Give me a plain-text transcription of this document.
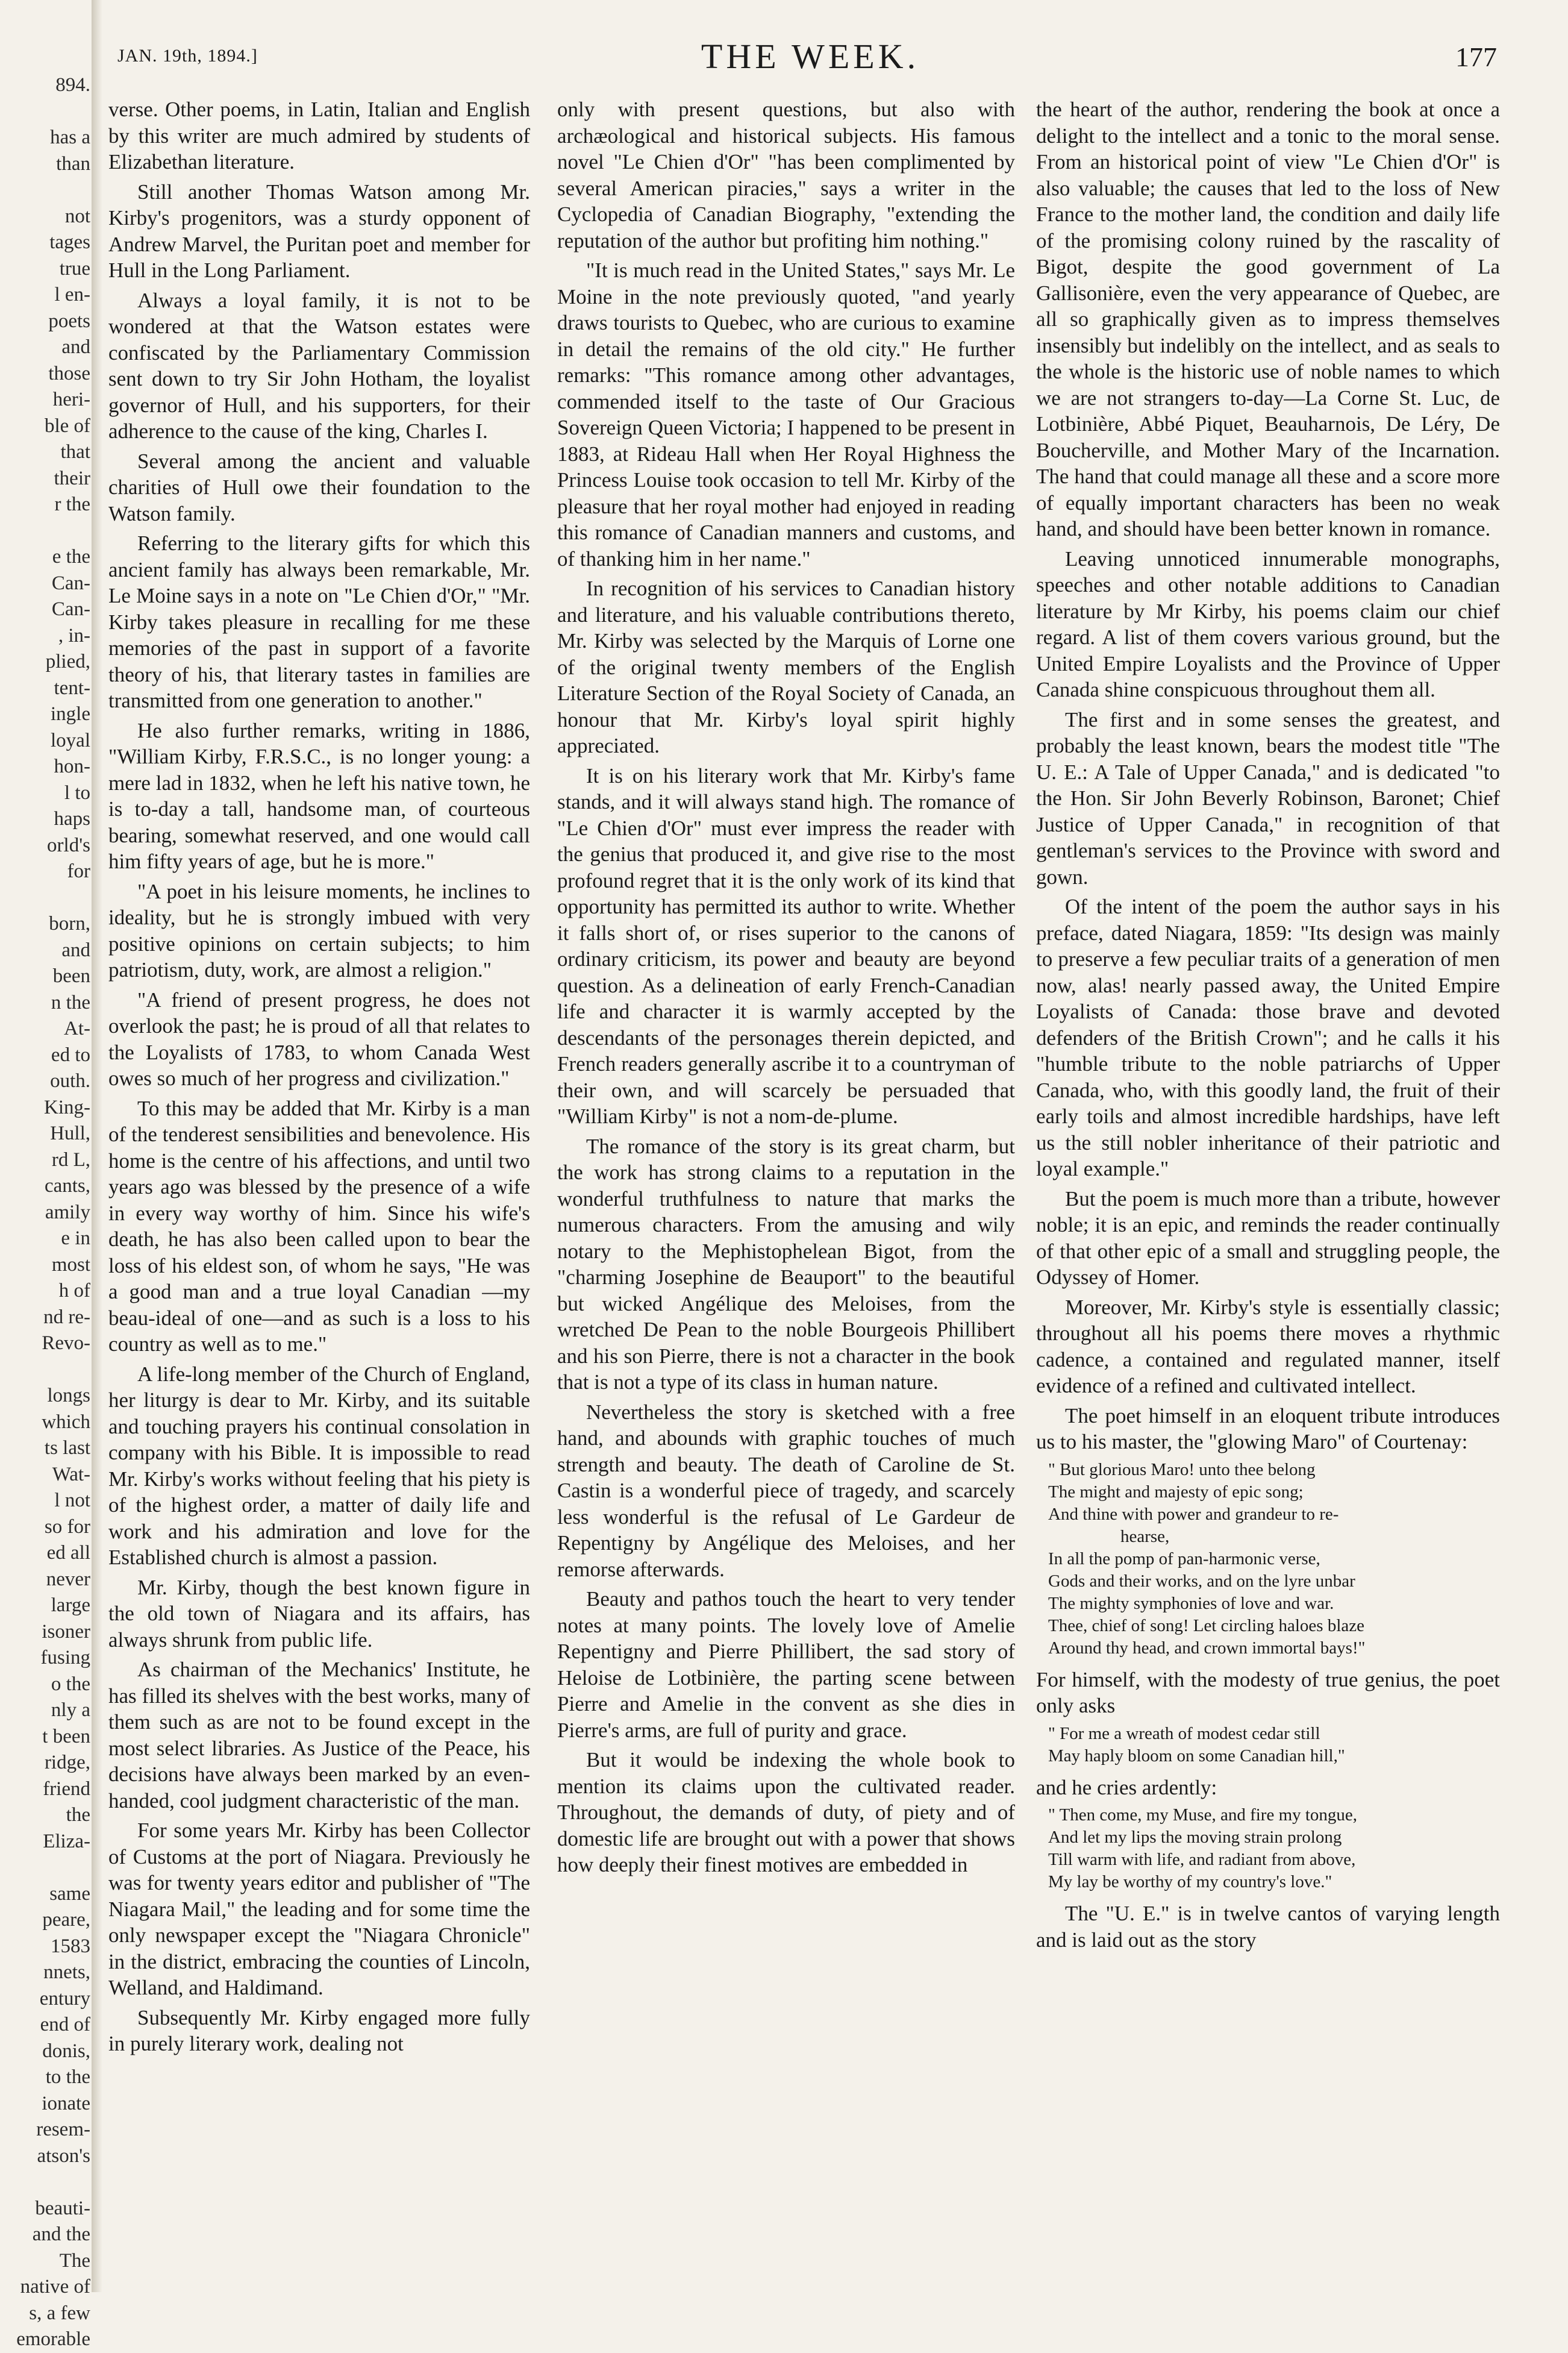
894.
has a
than
not
tages
true
l en-
poets
and
those
heri-
ble of
that
their
r the
e the
Can-
Can-
, in-
plied,
tent-
ingle
loyal
hon-
l to
haps
orld's
for
born,
and
been
n the
At-
ed to
outh.
King-
Hull,
rd L,
cants,
amily
e in
most
h of
nd re-
Revo-
longs
which
ts last
Wat-
l not
so for
ed all
never
large
isoner
fusing
o the
nly a
t been
ridge,
friend
the
Eliza-
same
peare,
1583
nnets,
entury
end of
donis,
to the
ionate
resem-
atson's
beauti-
and the
The
native of
s, a few
emorable
JAN. 19th, 1894.]	THE WEEK.	177

verse. Other poems, in Latin, Italian and English by this writer are much admired by students of Elizabethan literature.

Still another Thomas Watson among Mr. Kirby's progenitors, was a sturdy opponent of Andrew Marvel, the Puritan poet and member for Hull in the Long Parliament.

Always a loyal family, it is not to be wondered at that the Watson estates were confiscated by the Parliamentary Commission sent down to try Sir John Hotham, the loyalist governor of Hull, and his supporters, for their adherence to the cause of the king, Charles I.

Several among the ancient and valuable charities of Hull owe their foundation to the Watson family.

Referring to the literary gifts for which this ancient family has always been remarkable, Mr. Le Moine says in a note on "Le Chien d'Or," "Mr. Kirby takes pleasure in recalling for me these memories of the past in support of a favorite theory of his, that literary tastes in families are transmitted from one generation to another."

He also further remarks, writing in 1886, "William Kirby, F.R.S.C., is no longer young: a mere lad in 1832, when he left his native town, he is to-day a tall, handsome man, of courteous bearing, somewhat reserved, and one would call him fifty years of age, but he is more."

"A poet in his leisure moments, he inclines to ideality, but he is strongly imbued with very positive opinions on certain subjects; to him patriotism, duty, work, are almost a religion."

"A friend of present progress, he does not overlook the past; he is proud of all that relates to the Loyalists of 1783, to whom Canada West owes so much of her progress and civilization."

To this may be added that Mr. Kirby is a man of the tenderest sensibilities and benevolence. His home is the centre of his affections, and until two years ago was blessed by the presence of a wife in every way worthy of him. Since his wife's death, he has also been called upon to bear the loss of his eldest son, of whom he says, "He was a good man and a true loyal Canadian —my beau-ideal of one—and as such is a loss to his country as well as to me."

A life-long member of the Church of England, her liturgy is dear to Mr. Kirby, and its suitable and touching prayers his continual consolation in company with his Bible. It is impossible to read Mr. Kirby's works without feeling that his piety is of the highest order, a matter of daily life and work and his admiration and love for the Established church is almost a passion.

Mr. Kirby, though the best known figure in the old town of Niagara and its affairs, has always shrunk from public life.

As chairman of the Mechanics' Institute, he has filled its shelves with the best works, many of them such as are not to be found except in the most select libraries. As Justice of the Peace, his decisions have always been marked by an even-handed, cool judgment characteristic of the man.

For some years Mr. Kirby has been Collector of Customs at the port of Niagara. Previously he was for twenty years editor and publisher of "The Niagara Mail," the leading and for some time the only newspaper except the "Niagara Chronicle" in the district, embracing the counties of Lincoln, Welland, and Haldimand.

Subsequently Mr. Kirby engaged more fully in purely literary work, dealing not

only with present questions, but also with archæological and historical subjects. His famous novel "Le Chien d'Or" "has been complimented by several American piracies," says a writer in the Cyclopedia of Canadian Biography, "extending the reputation of the author but profiting him nothing."

"It is much read in the United States," says Mr. Le Moine in the note previously quoted, "and yearly draws tourists to Quebec, who are curious to examine in detail the remains of the old city." He further remarks: "This romance among other advantages, commended itself to the taste of Our Gracious Sovereign Queen Victoria; I happened to be present in 1883, at Rideau Hall when Her Royal Highness the Princess Louise took occasion to tell Mr. Kirby of the pleasure that her royal mother had enjoyed in reading this romance of Canadian manners and customs, and of thanking him in her name."

In recognition of his services to Canadian history and literature, and his valuable contributions thereto, Mr. Kirby was selected by the Marquis of Lorne one of the original twenty members of the English Literature Section of the Royal Society of Canada, an honour that Mr. Kirby's loyal spirit highly appreciated.

It is on his literary work that Mr. Kirby's fame stands, and it will always stand high. The romance of "Le Chien d'Or" must ever impress the reader with the genius that produced it, and give rise to the most profound regret that it is the only work of its kind that opportunity has permitted its author to write. Whether it falls short of, or rises superior to the canons of ordinary criticism, its power and beauty are beyond question. As a delineation of early French-Canadian life and character it is warmly accepted by the descendants of the personages therein depicted, and French readers generally ascribe it to a countryman of their own, and will scarcely be persuaded that "William Kirby" is not a nom-de-plume.

The romance of the story is its great charm, but the work has strong claims to a reputation in the wonderful truthfulness to nature that marks the numerous characters. From the amusing and wily notary to the Mephistophelean Bigot, from the "charming Josephine de Beauport" to the beautiful but wicked Angélique des Meloises, from the wretched De Pean to the noble Bourgeois Phillibert and his son Pierre, there is not a character in the book that is not a type of its class in human nature.

Nevertheless the story is sketched with a free hand, and abounds with graphic touches of much strength and beauty. The death of Caroline de St. Castin is a wonderful piece of tragedy, and scarcely less wonderful is the refusal of Le Gardeur de Repentigny by Angélique des Meloises, and her remorse afterwards.

Beauty and pathos touch the heart to very tender notes at many points. The lovely love of Amelie Repentigny and Pierre Phillibert, the sad story of Heloise de Lotbinière, the parting scene between Pierre and Amelie in the convent as she dies in Pierre's arms, are full of purity and grace.

But it would be indexing the whole book to mention its claims upon the cultivated reader. Throughout, the demands of duty, of piety and of domestic life are brought out with a power that shows how deeply their finest motives are embedded in

the heart of the author, rendering the book at once a delight to the intellect and a tonic to the moral sense. From an historical point of view "Le Chien d'Or" is also valuable; the causes that led to the loss of New France to the mother land, the condition and daily life of the promising colony ruined by the rascality of Bigot, despite the good government of La Gallisonière, even the very appearance of Quebec, are all so graphically given as to impress themselves insensibly but indelibly on the intellect, and as seals to the whole is the historic use of noble names to which we are not strangers to-day—La Corne St. Luc, de Lotbinière, Abbé Piquet, Beauharnois, De Léry, De Boucherville, and Mother Mary of the Incarnation. The hand that could manage all these and a score more of equally important characters has been no weak hand, and should have been better known in romance.

Leaving unnoticed innumerable monographs, speeches and other notable additions to Canadian literature by Mr Kirby, his poems claim our chief regard. A list of them covers various ground, but the United Empire Loyalists and the Province of Upper Canada shine conspicuous throughout them all.

The first and in some senses the greatest, and probably the least known, bears the modest title "The U. E.: A Tale of Upper Canada," and is dedicated "to the Hon. Sir John Beverly Robinson, Baronet; Chief Justice of Upper Canada," in recognition of that gentleman's services to the Province with sword and gown.

Of the intent of the poem the author says in his preface, dated Niagara, 1859: "Its design was mainly to preserve a few peculiar traits of a generation of men now, alas! nearly passed away, the United Empire Loyalists of Canada: those brave and devoted defenders of the British Crown"; and he calls it his "humble tribute to the noble patriarchs of Upper Canada, who, with this goodly land, the fruit of their early toils and almost incredible hardships, have left us the still nobler inheritance of their patriotic and loyal example."

But the poem is much more than a tribute, however noble; it is an epic, and reminds the reader continually of that other epic of a small and struggling people, the Odyssey of Homer.

Moreover, Mr. Kirby's style is essentially classic; throughout all his poems there moves a rhythmic cadence, a contained and regulated manner, itself evidence of a refined and cultivated intellect.

The poet himself in an eloquent tribute introduces us to his master, the "glowing Maro" of Courtenay:

" But glorious Maro! unto thee belong
The might and majesty of epic song;
And thine with power and grandeur to re-
hearse,
In all the pomp of pan-harmonic verse,
Gods and their works, and on the lyre unbar
The mighty symphonies of love and war.
Thee, chief of song! Let circling haloes blaze
Around thy head, and crown immortal bays!"

For himself, with the modesty of true genius, the poet only asks

" For me a wreath of modest cedar still
May haply bloom on some Canadian hill,"

and he cries ardently:

" Then come, my Muse, and fire my tongue,
And let my lips the moving strain prolong
Till warm with life, and radiant from above,
My lay be worthy of my country's love."

The "U. E." is in twelve cantos of varying length and is laid out as the story
